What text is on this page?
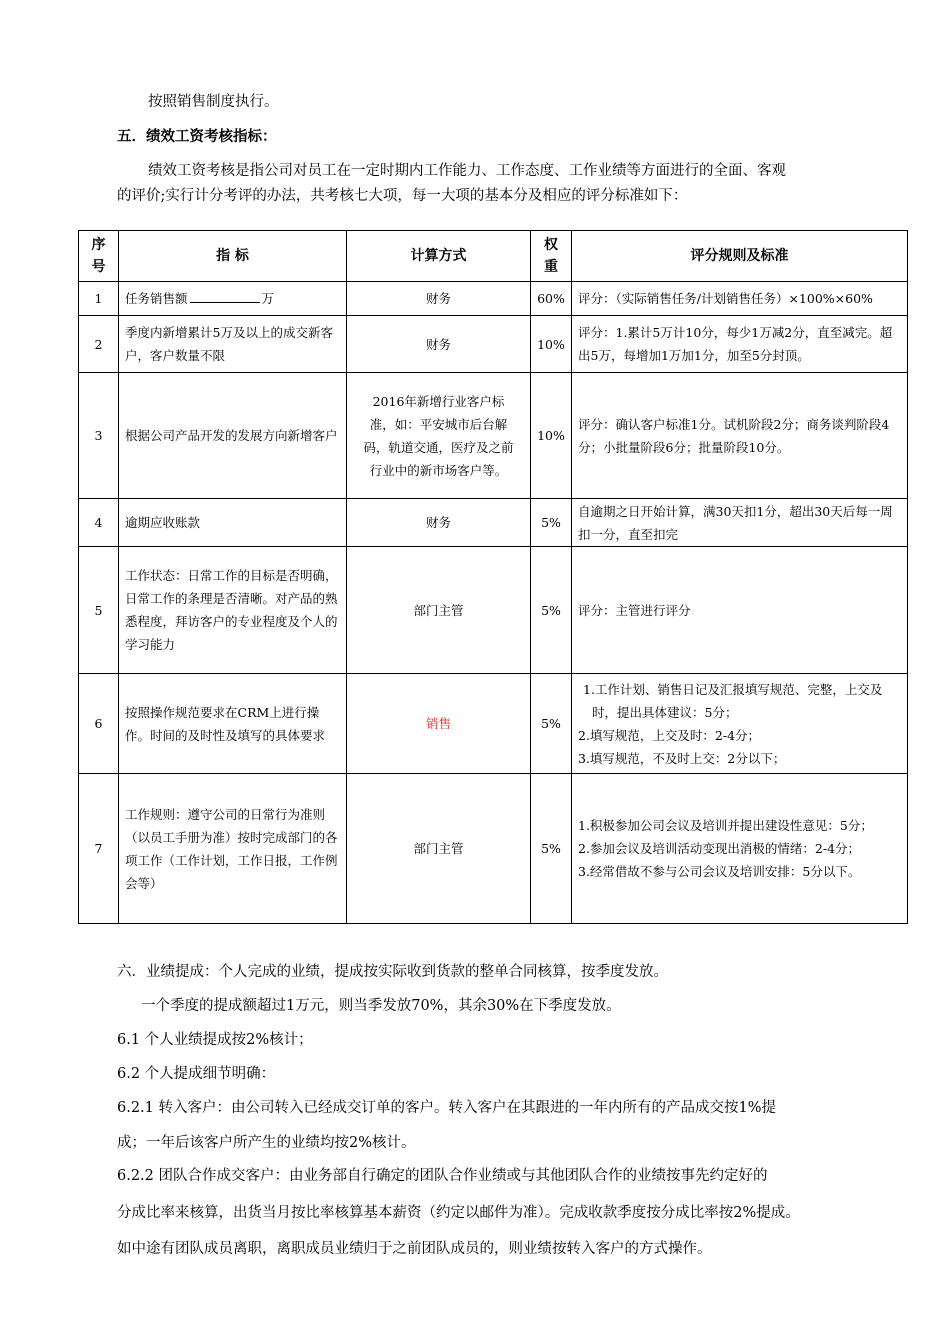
按照销售制度执行。
五．绩效工资考核指标：
绩效工资考核是指公司对员工在一定时期内工作能力、工作态度、工作业绩等方面进行的全面、客观
的评价;实行计分考评的办法，共考核七大项，每一大项的基本分及相应的评分标准如下：
序号	指 标	计算方式	权重	评分规则及标准
1	任务销售额 万	财务	60%	评分：（实际销售任务/计划销售任务）×100%×60%

2	季度内新增累计5万及以上的成交新客户，客户数量不限	财务	10%	评分：1.累计5万计10分，每少1万减2分，直至减完。超出5万，每增加1万加1分，加至5分封顶。

3	根据公司产品开发的发展方向新增客户	2016年新增行业客户标准，如：平安城市后台解码，轨道交通，医疗及之前行业中的新市场客户等。	10%	评分：确认客户标准1分。试机阶段2分；商务谈判阶段4分；小批量阶段6分；批量阶段10分。

4	逾期应收账款	财务	5%	自逾期之日开始计算，满30天扣1分，超出30天后每一周扣一分，直至扣完

5	工作状态：日常工作的目标是否明确，日常工作的条理是否清晰。对产品的熟悉程度，拜访客户的专业程度及个人的学习能力	部门主管	5%	评分：主管进行评分

6	按照操作规范要求在CRM上进行操作。时间的及时性及填写的具体要求	销售	5%	1.工作计划、销售日记及汇报填写规范、完整，上交及时，提出具体建议：5分；
2.填写规范，上交及时：2-4分；
3.填写规范，不及时上交：2分以下；

7	工作规则：遵守公司的日常行为准则（以员工手册为准）按时完成部门的各项工作（工作计划，工作日报，工作例会等）	部门主管	5%	1.积极参加公司会议及培训并提出建设性意见：5分；
2.参加会议及培训活动变现出消极的情绪：2-4分；
3.经常借故不参与公司会议及培训安排：5分以下。
六．业绩提成：个人完成的业绩，提成按实际收到货款的整单合同核算，按季度发放。
一个季度的提成额超过1万元，则当季发放70%，其余30%在下季度发放。
6.1 个人业绩提成按2%核计；
6.2 个人提成细节明确：
6.2.1 转入客户：由公司转入已经成交订单的客户。转入客户在其跟进的一年内所有的产品成交按1%提
成；一年后该客户所产生的业绩均按2%核计。
6.2.2 团队合作成交客户：由业务部自行确定的团队合作业绩或与其他团队合作的业绩按事先约定好的
分成比率来核算，出货当月按比率核算基本薪资（约定以邮件为准）。完成收款季度按分成比率按2%提成。
如中途有团队成员离职，离职成员业绩归于之前团队成员的，则业绩按转入客户的方式操作。
